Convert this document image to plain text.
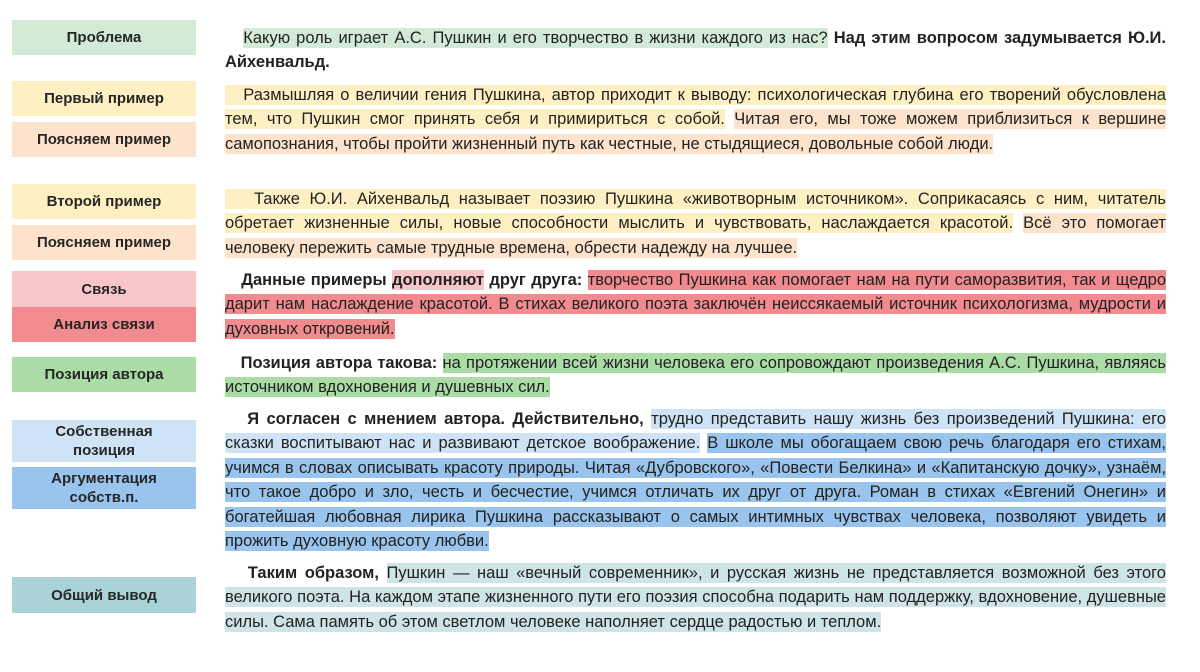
Проблема
Первый пример
Поясняем пример
Второй пример
Поясняем пример
Связь
Анализ связи
Позиция автора
Собственная позиция
Аргументация собств.п.
Общий вывод
Какую роль играет А.С. Пушкин и его творчество в жизни каждого из нас? Над этим вопросом задумывается Ю.И. Айхенвальд.
Размышляя о величии гения Пушкина, автор приходит к выводу: психологическая глубина его творений обусловлена тем, что Пушкин смог принять себя и примириться с собой. Читая его, мы тоже можем приблизиться к вершине самопознания, чтобы пройти жизненный путь как честные, не стыдящиеся, довольные собой люди.
Также Ю.И. Айхенвальд называет поэзию Пушкина «животворным источником». Соприкасаясь с ним, читатель обретает жизненные силы, новые способности мыслить и чувствовать, наслаждается красотой. Всё это помогает человеку пережить самые трудные времена, обрести надежду на лучшее.
Данные примеры дополняют друг друга: творчество Пушкина как помогает нам на пути саморазвития, так и щедро дарит нам наслаждение красотой. В стихах великого поэта заключён неиссякаемый источник психологизма, мудрости и духовных откровений.
Позиция автора такова: на протяжении всей жизни человека его сопровождают произведения А.С. Пушкина, являясь источником вдохновения и душевных сил.
Я согласен с мнением автора. Действительно, трудно представить нашу жизнь без произведений Пушкина: его сказки воспитывают нас и развивают детское воображение. В школе мы обогащаем свою речь благодаря его стихам, учимся в словах описывать красоту природы. Читая «Дубровского», «Повести Белкина» и «Капитанскую дочку», узнаём, что такое добро и зло, честь и бесчестие, учимся отличать их друг от друга. Роман в стихах «Евгений Онегин» и богатейшая любовная лирика Пушкина рассказывают о самых интимных чувствах человека, позволяют увидеть и прожить духовную красоту любви.
Таким образом, Пушкин — наш «вечный современник», и русская жизнь не представляется возможной без этого великого поэта. На каждом этапе жизненного пути его поэзия способна подарить нам поддержку, вдохновение, душевные силы. Сама память об этом светлом человеке наполняет сердце радостью и теплом.
